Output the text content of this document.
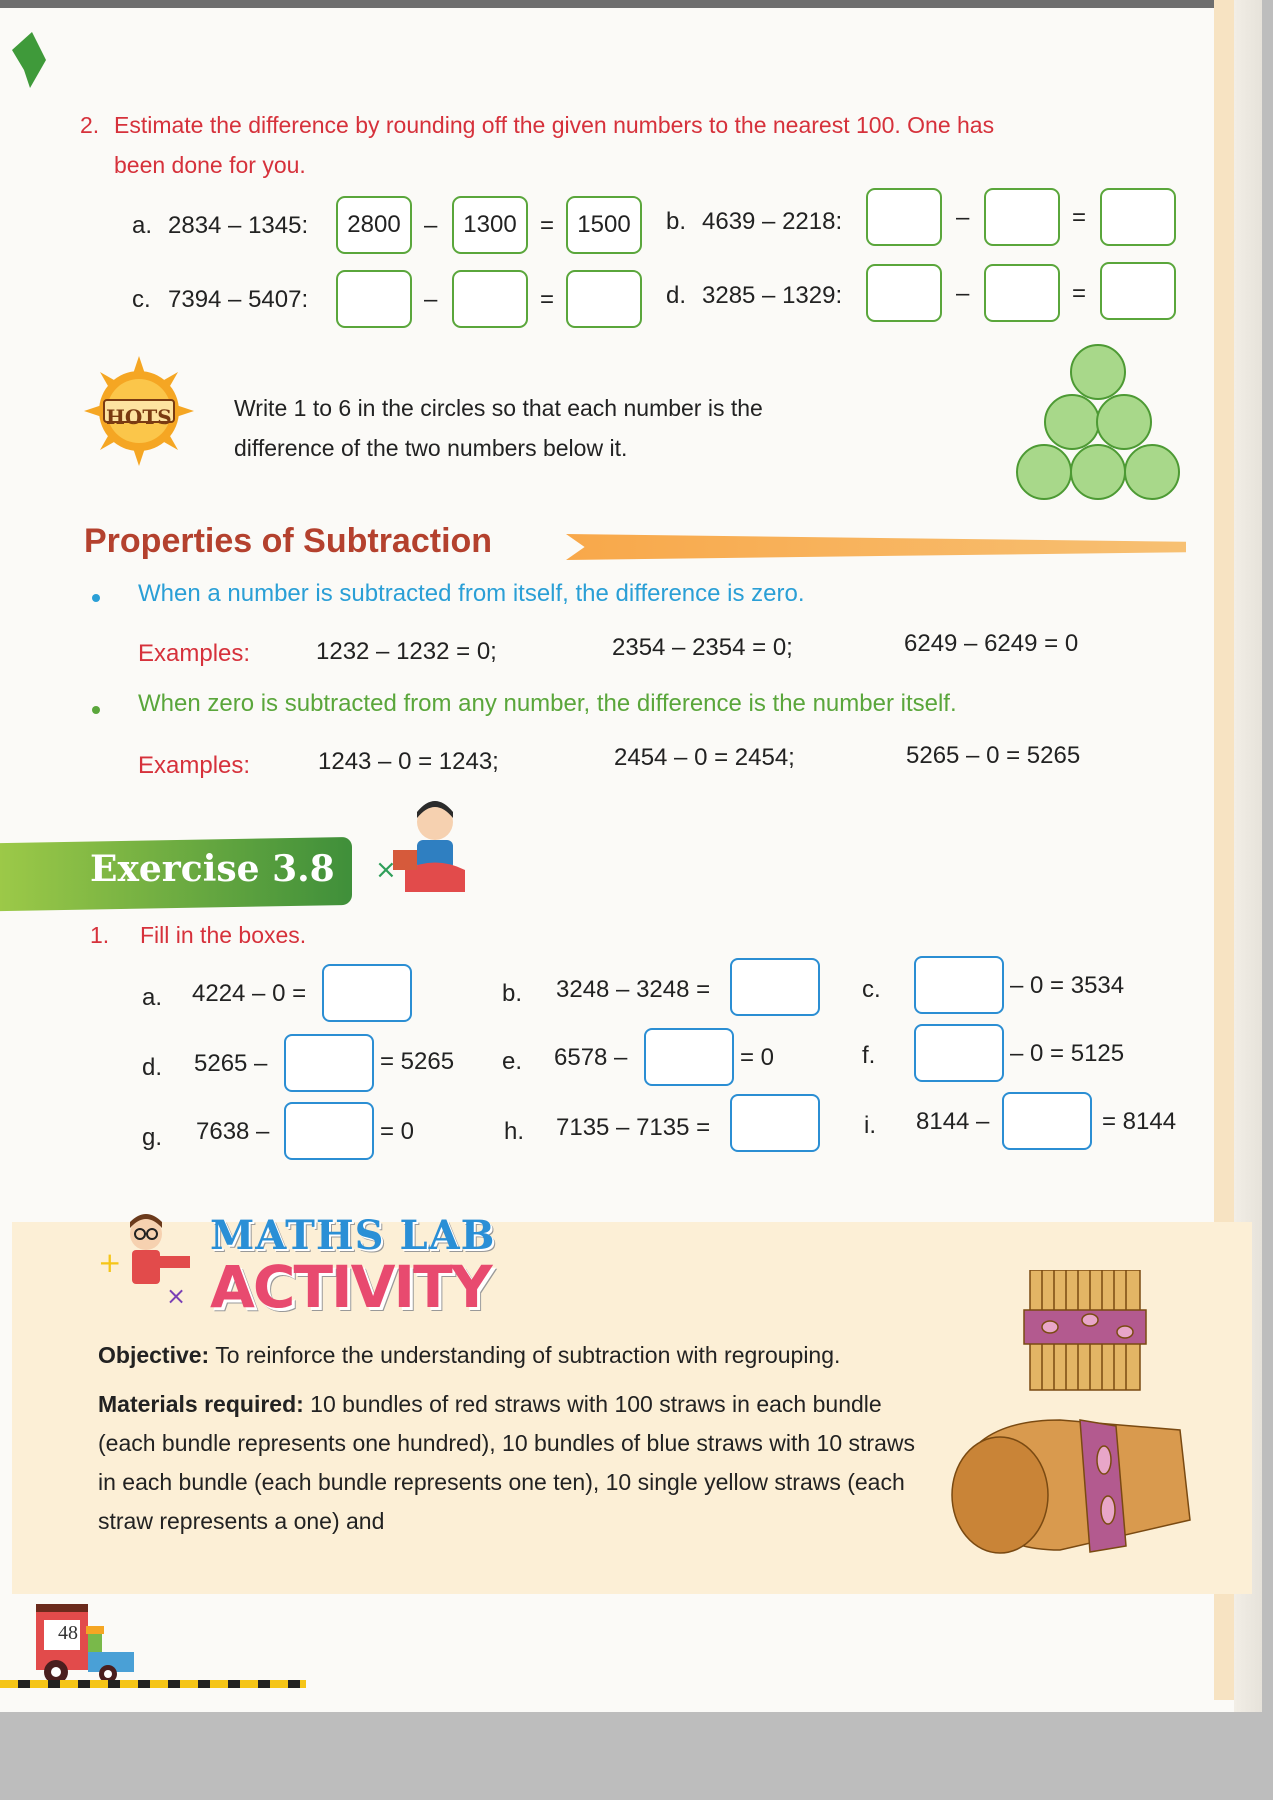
2. Estimate the difference by rounding off the given numbers to the nearest 100. One has
been done for you.
a. 2834 – 1345:	2800 –	1300 = 1500	b. 4639 – 2218:	–	=
c. 7394 – 5407:	–	=	d. 3285 – 1329:	–	=
HOTS	Write 1 to 6 in the circles so that each number is the
difference of the two numbers below it.
Properties of Subtraction
When a number is subtracted from itself, the difference is zero.
Examples:	1232 – 1232 = 0;	2354 – 2354 = 0;	6249 – 6249 = 0
When zero is subtracted from any number, the difference is the number itself.
Examples:	1243 – 0 = 1243;	2454 – 0 = 2454;	5265 – 0 = 5265
Exercise 3.8 ×
1. Fill in the boxes.
a. 4224 – 0 =	b. 3248 – 3248 =	c.	– 0 = 3534
d. 5265 –	= 5265 e. 6578 –	= 0	f.	– 0 = 5125
g. 7638 –	= 0	h. 7135 – 7135 =	i. 8144 –	= 8144
+
×
MATHS LAB
ACTIVITY
Objective: To reinforce the understanding of subtraction with regrouping.
Materials required: 10 bundles of red straws with 100 straws in each bundle (each bundle represents one hundred), 10 bundles of blue straws with 10 straws in each bundle (each bundle represents one ten), 10 single yellow straws (each straw represents a one) and
48
